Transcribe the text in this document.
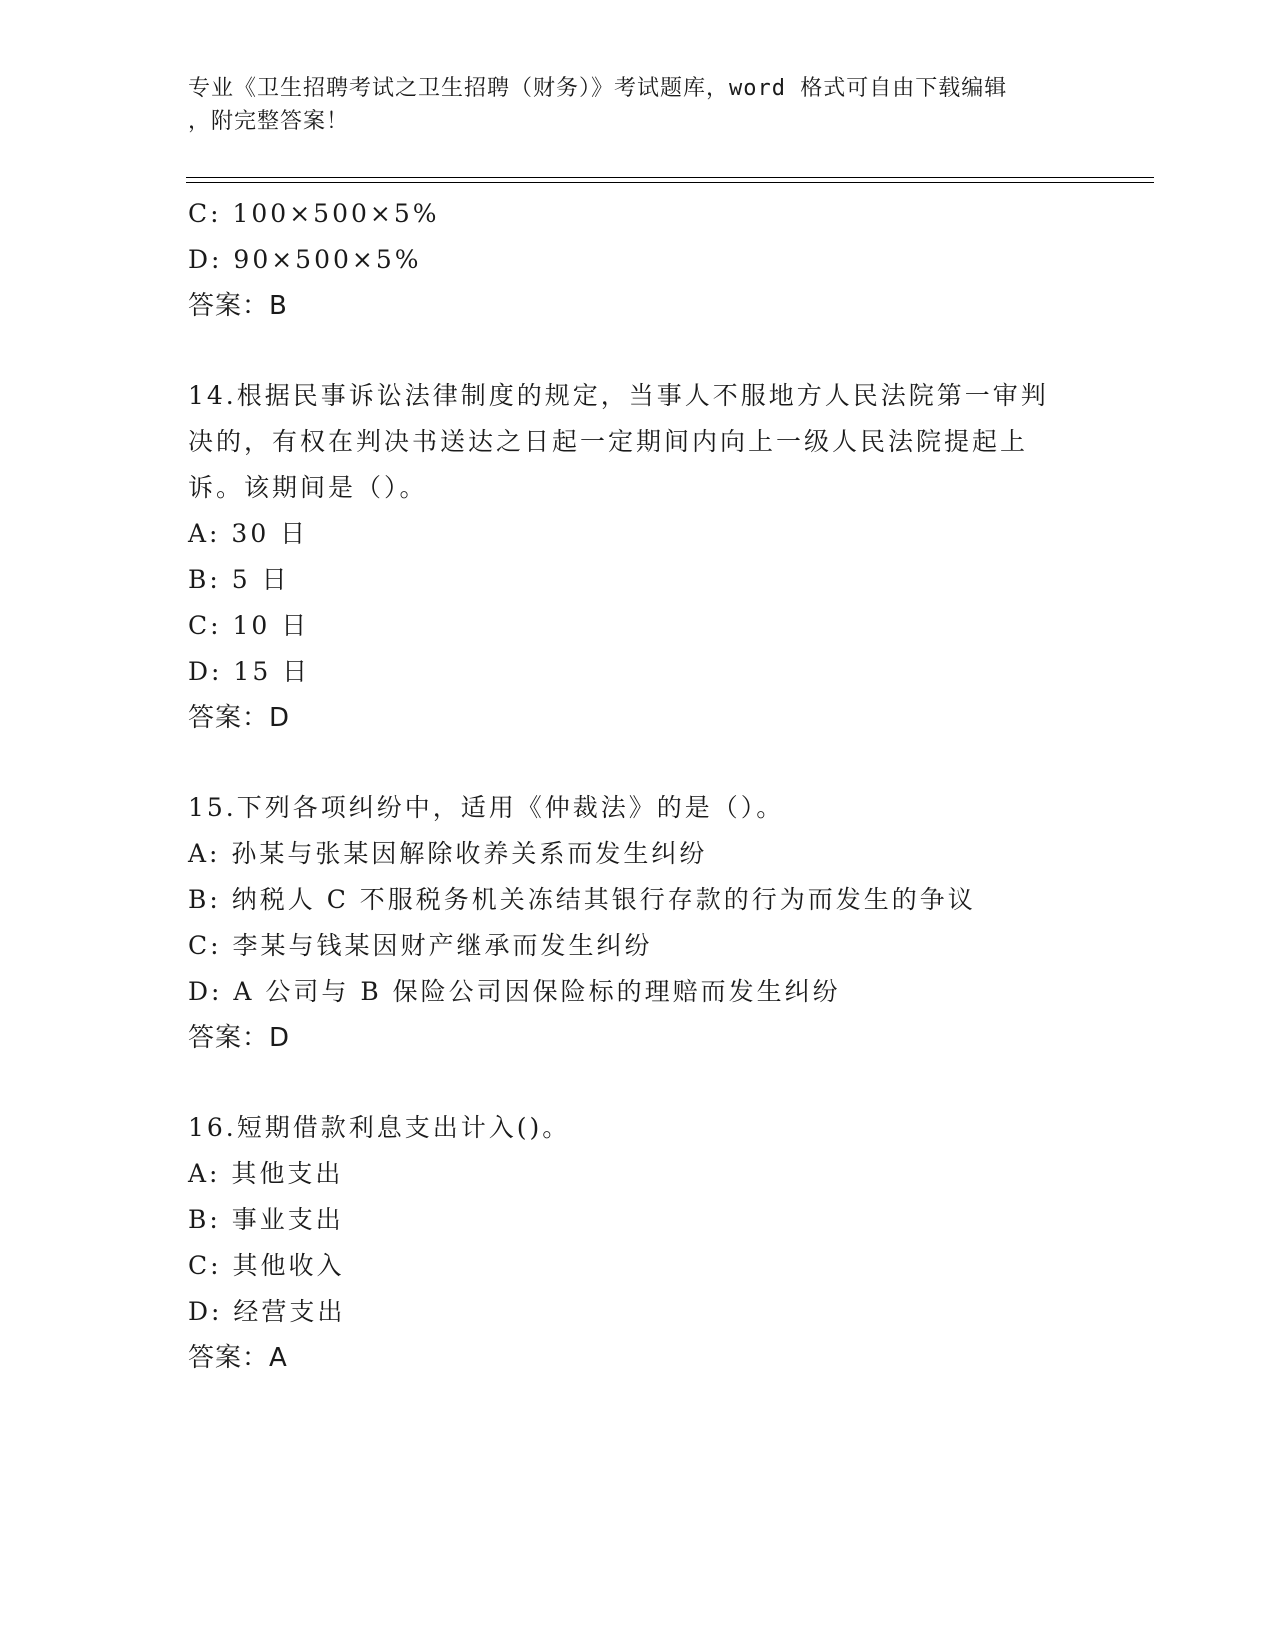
专业《卫生招聘考试之卫生招聘（财务）》考试题库，word 格式可自由下载编辑
，附完整答案！
C: 100×500×5%
D: 90×500×5%
答案：B
14.根据民事诉讼法律制度的规定，当事人不服地方人民法院第一审判
决的，有权在判决书送达之日起一定期间内向上一级人民法院提起上
诉。该期间是（）。
A: 30 日
B: 5 日
C: 10 日
D: 15 日
答案：D
15.下列各项纠纷中，适用《仲裁法》的是（）。
A: 孙某与张某因解除收养关系而发生纠纷
B: 纳税人 C 不服税务机关冻结其银行存款的行为而发生的争议
C: 李某与钱某因财产继承而发生纠纷
D: A 公司与 B 保险公司因保险标的理赔而发生纠纷
答案：D
16.短期借款利息支出计入()。
A: 其他支出
B: 事业支出
C: 其他收入
D: 经营支出
答案：A
